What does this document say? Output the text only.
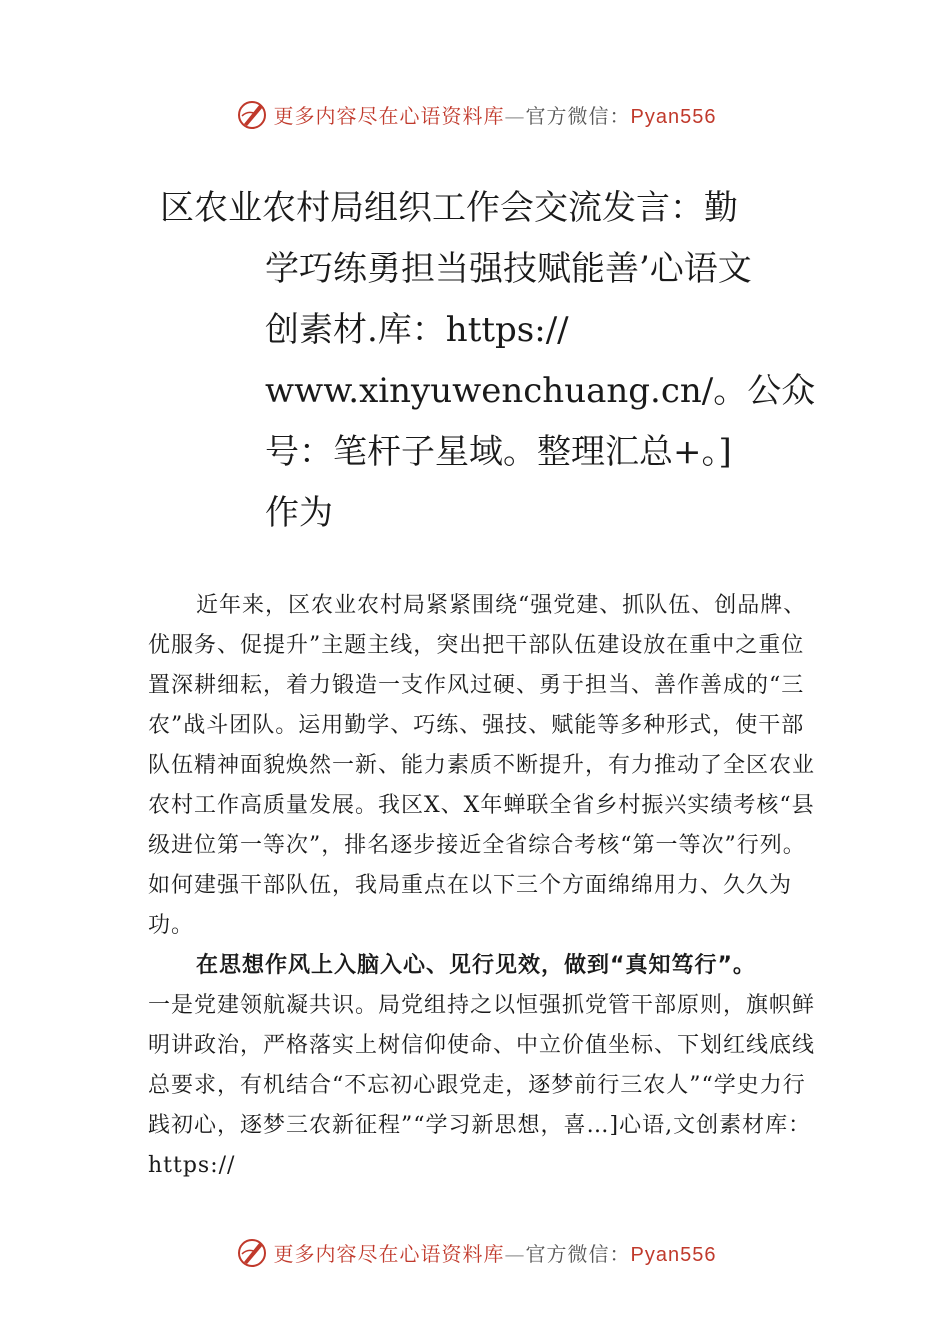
更多内容尽在心语资料库—官方微信：Pyan556
区农业农村局组织工作会交流发言：勤
学巧练勇担当强技赋能善’心语文
创素材.库：https://
www.xinyuwenchuang.cn/。公众
号：笔杆子星域。整理汇总+。]
作为

近年来，区农业农村局紧紧围绕“强党建、抓队伍、创品牌、优服务、促提升”主题主线，突出把干部队伍建设放在重中之重位置深耕细耘，着力锻造一支作风过硬、勇于担当、善作善成的“三农”战斗团队。运用勤学、巧练、强技、赋能等多种形式，使干部队伍精神面貌焕然一新、能力素质不断提升，有力推动了全区农业农村工作高质量发展。我区X、X年蝉联全省乡村振兴实绩考核“县级进位第一等次”，排名逐步接近全省综合考核“第一等次”行列。如何建强干部队伍，我局重点在以下三个方面绵绵用力、久久为功。

在思想作风上入脑入心、见行见效，做到“真知笃行”。

一是党建领航凝共识。局党组持之以恒强抓党管干部原则，旗帜鲜明讲政治，严格落实上树信仰使命、中立价值坐标、下划红线底线总要求，有机结合“不忘初心跟党走，逐梦前行三农人”“学史力行践初心，逐梦三农新征程”“学习新思想，喜…]心语,文创素材库：https://

更多内容尽在心语资料库—官方微信：Pyan556
